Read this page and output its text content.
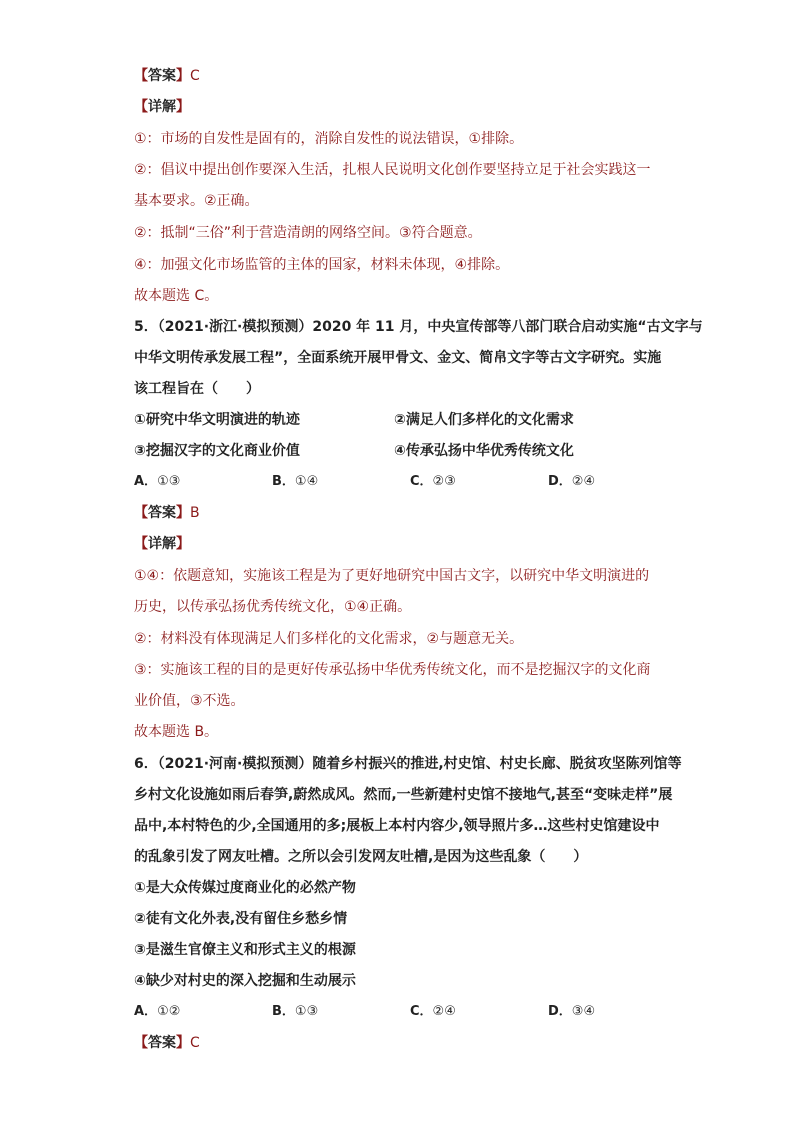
【答案】C
【详解】
①：市场的自发性是固有的，消除自发性的说法错误，①排除。
②：倡议中提出创作要深入生活，扎根人民说明文化创作要坚持立足于社会实践这一
基本要求。②正确。
②：抵制“三俗”利于营造清朗的网络空间。③符合题意。
④：加强文化市场监管的主体的国家，材料未体现，④排除。
故本题选 C。
5．（2021·浙江·模拟预测）2020 年 11 月，中央宣传部等八部门联合启动实施“古文字与
中华文明传承发展工程”，全面系统开展甲骨文、金文、简帛文字等古文字研究。实施
该工程旨在（　　）
①研究中华文明演进的轨迹	②满足人们多样化的文化需求
③挖掘汉字的文化商业价值	④传承弘扬中华优秀传统文化
A．①③	B．①④	C．②③	D．②④
【答案】B
【详解】
①④：依题意知，实施该工程是为了更好地研究中国古文字，以研究中华文明演进的
历史，以传承弘扬优秀传统文化，①④正确。
②：材料没有体现满足人们多样化的文化需求，②与题意无关。
③：实施该工程的目的是更好传承弘扬中华优秀传统文化，而不是挖掘汉字的文化商
业价值，③不选。
故本题选 B。
6．（2021·河南·模拟预测）随着乡村振兴的推进,村史馆、村史长廊、脱贫攻坚陈列馆等
乡村文化设施如雨后春笋,蔚然成风。然而,一些新建村史馆不接地气,甚至“变味走样”展
品中,本村特色的少,全国通用的多;展板上本村内容少,领导照片多…这些村史馆建设中
的乱象引发了网友吐槽。之所以会引发网友吐槽,是因为这些乱象（　　）
①是大众传媒过度商业化的必然产物
②徒有文化外表,没有留住乡愁乡情
③是滋生官僚主义和形式主义的根源
④缺少对村史的深入挖掘和生动展示
A．①②	B．①③	C．②④	D．③④
【答案】C
